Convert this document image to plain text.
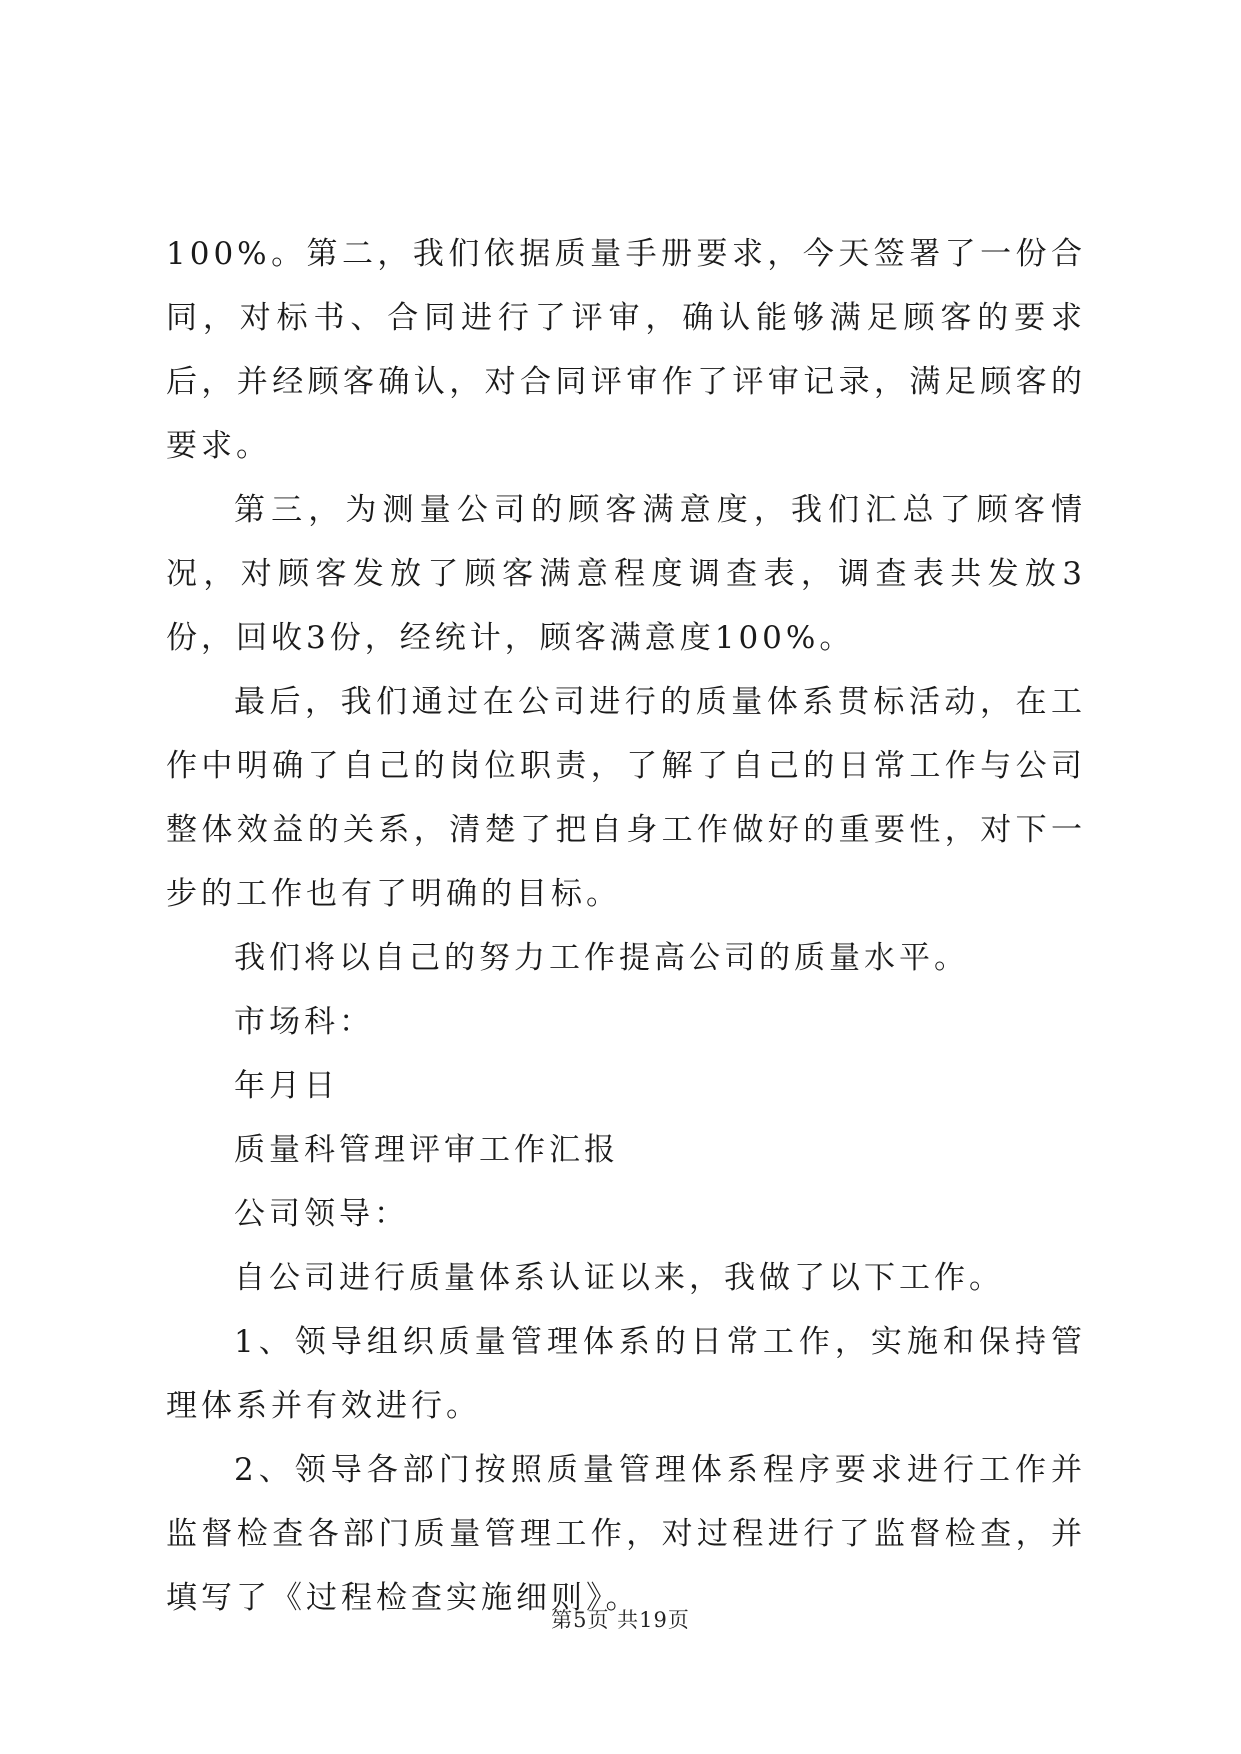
100%。第二，我们依据质量手册要求，今天签署了一份合同，对标书、合同进行了评审，确认能够满足顾客的要求后，并经顾客确认，对合同评审作了评审记录，满足顾客的要求。

第三，为测量公司的顾客满意度，我们汇总了顾客情况，对顾客发放了顾客满意程度调查表，调查表共发放3份，回收3份，经统计，顾客满意度100%。

最后，我们通过在公司进行的质量体系贯标活动，在工作中明确了自己的岗位职责，了解了自己的日常工作与公司整体效益的关系，清楚了把自身工作做好的重要性，对下一步的工作也有了明确的目标。

我们将以自己的努力工作提高公司的质量水平。

市场科：

年月日

质量科管理评审工作汇报

公司领导：

自公司进行质量体系认证以来，我做了以下工作。

1、领导组织质量管理体系的日常工作，实施和保持管理体系并有效进行。

2、领导各部门按照质量管理体系程序要求进行工作并监督检查各部门质量管理工作，对过程进行了监督检查，并填写了《过程检查实施细则》。

第5页 共19页
